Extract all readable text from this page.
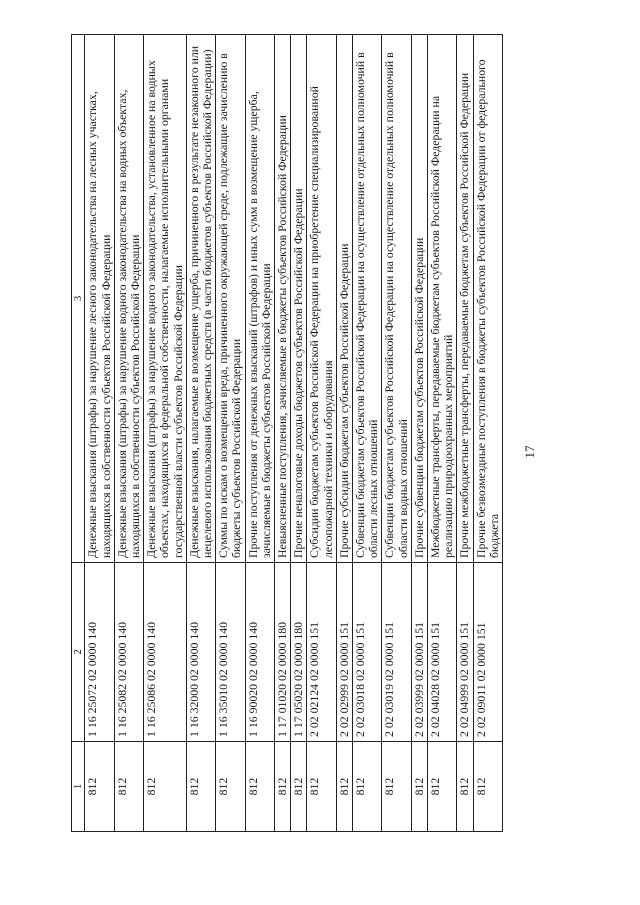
17
1	2	3
812	1 16 25072 02 0000 140	Денежные взыскания (штрафы) за нарушение лесного законодательства на лесных участках, находящихся в собственности субъектов Российской Федерации
812	1 16 25082 02 0000 140	Денежные взыскания (штрафы) за нарушение водного законодательства на водных объектах, находящихся в собственности субъектов Российской Федерации
812	1 16 25086 02 0000 140	Денежные взыскания (штрафы) за нарушение водного законодательства, установленное на водных объектах, находящихся в федеральной собственности, налагаемые исполнительными органами государственной власти субъектов Российской Федерации
812	1 16 32000 02 0000 140	Денежные взыскания, налагаемые в возмещение ущерба, причиненного в результате незаконного или нецелевого использования бюджетных средств (в части бюджетов субъектов Российской Федерации)
812	1 16 35010 02 0000 140	Суммы по искам о возмещении вреда, причиненного окружающей среде, подлежащие зачислению в бюджеты субъектов Российской Федерации
812	1 16 90020 02 0000 140	Прочие поступления от денежных взысканий (штрафов) и иных сумм в возмещение ущерба, зачисляемые в бюджеты субъектов Российской Федерации
812	1 17 01020 02 0000 180	Невыясненные поступления, зачисляемые в бюджеты субъектов Российской Федерации
812	1 17 05020 02 0000 180	Прочие неналоговые доходы бюджетов субъектов Российской Федерации
812	2 02 02124 02 0000 151	Субсидии бюджетам субъектов Российской Федерации на приобретение специализированной лесопожарной техники и оборудования
812	2 02 02999 02 0000 151	Прочие субсидии бюджетам субъектов Российской Федерации
812	2 02 03018 02 0000 151	Субвенции бюджетам субъектов Российской Федерации на осуществление отдельных полномочий в области лесных отношений
812	2 02 03019 02 0000 151	Субвенции бюджетам субъектов Российской Федерации на осуществление отдельных полномочий в области водных отношений
812	2 02 03999 02 0000 151	Прочие субвенции бюджетам субъектов Российской Федерации
812	2 02 04028 02 0000 151	Межбюджетные трансферты, передаваемые бюджетам субъектов Российской Федерации на реализацию природоохранных мероприятий
812	2 02 04999 02 0000 151	Прочие межбюджетные трансферты, передаваемые бюджетам субъектов Российской Федерации
812	2 02 09011 02 0000 151	Прочие безвозмездные поступления в бюджеты субъектов Российской Федерации от федерального бюджета
